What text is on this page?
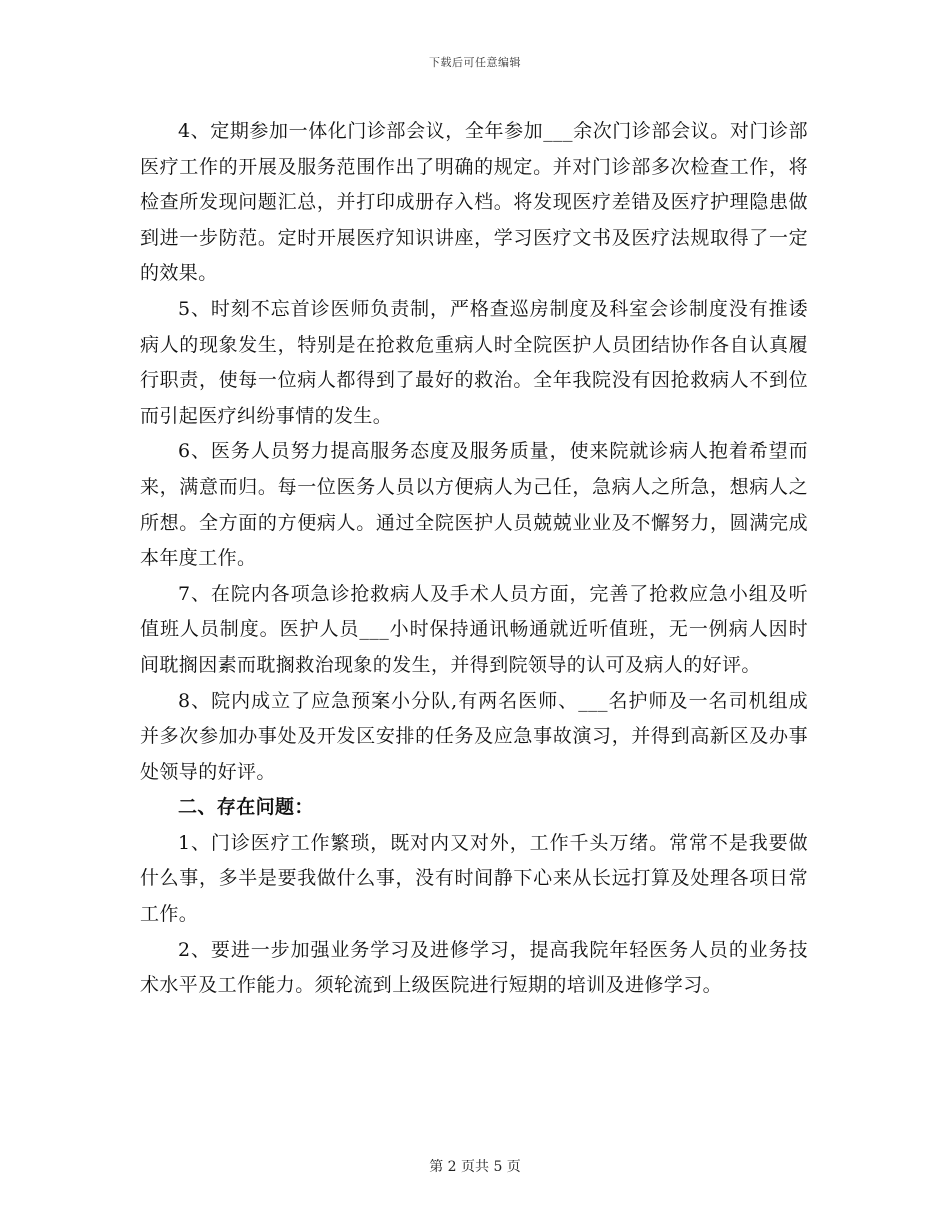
下载后可任意编辑

4、定期参加一体化门诊部会议，全年参加___余次门诊部会议。对门诊部医疗工作的开展及服务范围作出了明确的规定。并对门诊部多次检查工作，将检查所发现问题汇总，并打印成册存入档。将发现医疗差错及医疗护理隐患做到进一步防范。定时开展医疗知识讲座，学习医疗文书及医疗法规取得了一定的效果。

5、时刻不忘首诊医师负责制，严格查巡房制度及科室会诊制度没有推诿病人的现象发生，特别是在抢救危重病人时全院医护人员团结协作各自认真履行职责，使每一位病人都得到了最好的救治。全年我院没有因抢救病人不到位而引起医疗纠纷事情的发生。

6、医务人员努力提高服务态度及服务质量，使来院就诊病人抱着希望而来，满意而归。每一位医务人员以方便病人为己任，急病人之所急，想病人之所想。全方面的方便病人。通过全院医护人员兢兢业业及不懈努力，圆满完成本年度工作。

7、在院内各项急诊抢救病人及手术人员方面，完善了抢救应急小组及听值班人员制度。医护人员___小时保持通讯畅通就近听值班，无一例病人因时间耽搁因素而耽搁救治现象的发生，并得到院领导的认可及病人的好评。

8、院内成立了应急预案小分队,有两名医师、___名护师及一名司机组成并多次参加办事处及开发区安排的任务及应急事故演习，并得到高新区及办事处领导的好评。

二、存在问题：

1、门诊医疗工作繁琐，既对内又对外，工作千头万绪。常常不是我要做什么事，多半是要我做什么事，没有时间静下心来从长远打算及处理各项日常工作。

2、要进一步加强业务学习及进修学习，提高我院年轻医务人员的业务技术水平及工作能力。须轮流到上级医院进行短期的培训及进修学习。

第 2 页共 5 页
